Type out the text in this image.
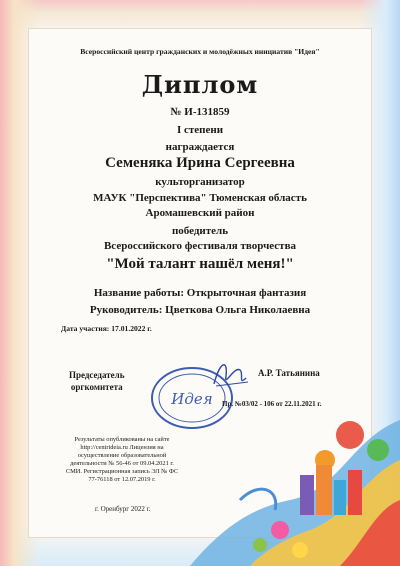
Всероссийский центр гражданских и молодёжных инициатив "Идея"
Диплом
№ И-131859
I степени
награждается
Семеняка Ирина Сергеевна
культорганизатор
МАУК "Перспектива" Тюменская область
Аромашевский район
победитель
Всероссийского фестиваля творчества
"Мой талант нашёл меня!"
Название работы: Открыточная фантазия
Руководитель: Цветкова Ольга Николаевна
Дата участия: 17.01.2022 г.
Председатель
оргкомитета
Идея
А.Р. Татьянина
Пр. №03/02 - 106 от 22.11.2021 г.
Результаты опубликованы на сайте http://centrideia.ru Лицензия на осуществление образовательной деятельности № 56-46 от 09.04.2021 г. СМИ. Регистрационная запись ЭЛ № ФС 77-76118 от 12.07.2019 г.
г. Оренбург 2022 г.
